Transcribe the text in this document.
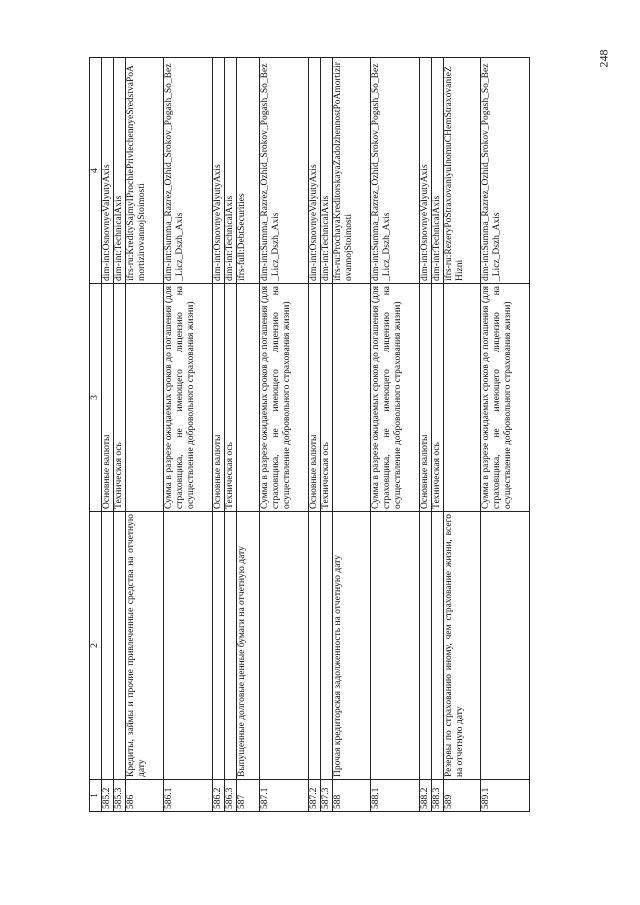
248
1	2	3	4
585.2		Основные валюты	dim-int:OsnovnyeValyutyAxis
585.3		Техническая ось	dim-int:TechnicalAxis
586	Кредиты, займы и прочие привлеченные средства на отчетную дату		ifrs-ru:KreditySajmyIProchiePrivlechennyeSredstvaPoAmortizirovannojStoimosti
586.1		Сумма в разрезе ожидаемых сроков до погашения (для страховщика, не имеющего лицензию на осуществление добровольного страхования жизни)	dim-int:Summa_Razrez_Ozhid_Srokov_Pogash_So_Bez_Licz_Dszh_Axis
586.2		Основные валюты	dim-int:OsnovnyeValyutyAxis
586.3		Техническая ось	dim-int:TechnicalAxis
587	Выпущенные долговые ценные бумаги на отчетную дату		ifrs-full:DebtSecurities
587.1		Сумма в разрезе ожидаемых сроков до погашения (для страховщика, не имеющего лицензию на осуществление добровольного страхования жизни)	dim-int:Summa_Razrez_Ozhid_Srokov_Pogash_So_Bez_Licz_Dszh_Axis
587.2		Основные валюты	dim-int:OsnovnyeValyutyAxis
587.3		Техническая ось	dim-int:TechnicalAxis
588	Прочая кредиторская задолженность на отчетную дату		ifrs-ru:ProchayaKreditorskayaZadolzhennostPoAmortizirovannojStoimosti
588.1		Сумма в разрезе ожидаемых сроков до погашения (для страховщика, не имеющего лицензию на осуществление добровольного страхования жизни)	dim-int:Summa_Razrez_Ozhid_Srokov_Pogash_So_Bez_Licz_Dszh_Axis
588.2		Основные валюты	dim-int:OsnovnyeValyutyAxis
588.3		Техническая ось	dim-int:TechnicalAxis
589	Резервы по страхованию иному, чем страхование жизни, всего на отчетную дату		ifrs-ru:RezeryPoStraxovaniyuInomuCHemStraxovanieZHizni
589.1		Сумма в разрезе ожидаемых сроков до погашения (для страховщика, не имеющего лицензию на осуществление добровольного страхования жизни)	dim-int:Summa_Razrez_Ozhid_Srokov_Pogash_So_Bez_Licz_Dszh_Axis
